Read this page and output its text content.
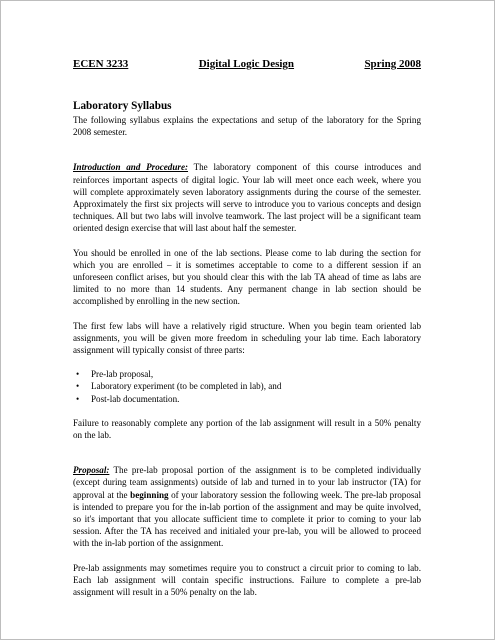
ECEN 3233	Digital Logic Design	Spring 2008
Laboratory Syllabus

The following syllabus explains the expectations and setup of the laboratory for the Spring 2008 semester.

Introduction and Procedure: The laboratory component of this course introduces and reinforces important aspects of digital logic. Your lab will meet once each week, where you will complete approximately seven laboratory assignments during the course of the semester. Approximately the first six projects will serve to introduce you to various concepts and design techniques. All but two labs will involve teamwork. The last project will be a significant team oriented design exercise that will last about half the semester.

You should be enrolled in one of the lab sections. Please come to lab during the section for which you are enrolled – it is sometimes acceptable to come to a different session if an unforeseen conflict arises, but you should clear this with the lab TA ahead of time as labs are limited to no more than 14 students. Any permanent change in lab section should be accomplished by enrolling in the new section.

The first few labs will have a relatively rigid structure. When you begin team oriented lab assignments, you will be given more freedom in scheduling your lab time. Each laboratory assignment will typically consist of three parts:

• Pre-lab proposal,
• Laboratory experiment (to be completed in lab), and
• Post-lab documentation.

Failure to reasonably complete any portion of the lab assignment will result in a 50% penalty on the lab.

Proposal: The pre-lab proposal portion of the assignment is to be completed individually (except during team assignments) outside of lab and turned in to your lab instructor (TA) for approval at the beginning of your laboratory session the following week. The pre-lab proposal is intended to prepare you for the in-lab portion of the assignment and may be quite involved, so it's important that you allocate sufficient time to complete it prior to coming to your lab session. After the TA has received and initialed your pre-lab, you will be allowed to proceed with the in-lab portion of the assignment.

Pre-lab assignments may sometimes require you to construct a circuit prior to coming to lab. Each lab assignment will contain specific instructions. Failure to complete a pre-lab assignment will result in a 50% penalty on the lab.
